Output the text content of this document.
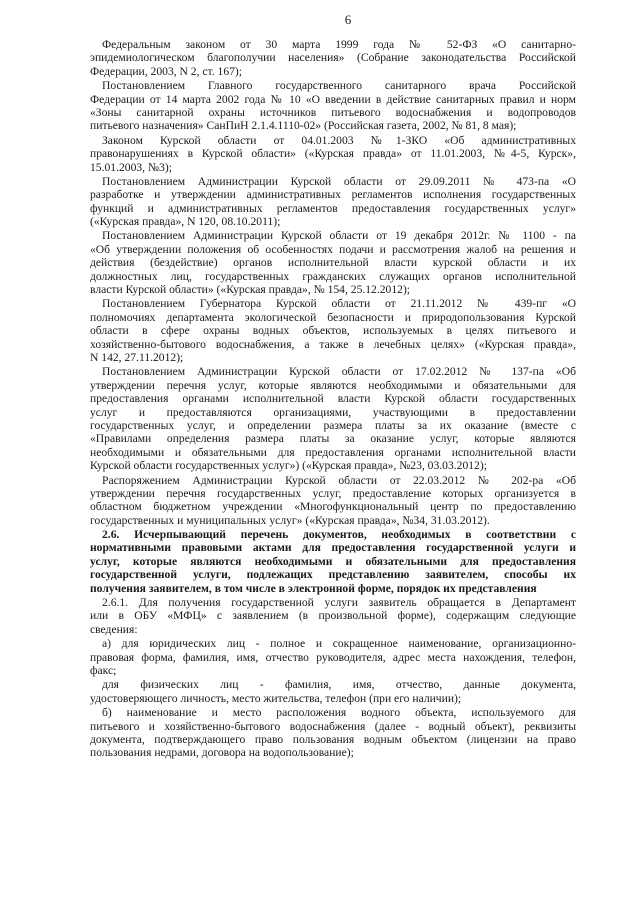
6
Федеральным законом от 30 марта 1999 года № 52-ФЗ «О санитарно-
эпидемиологическом благополучии населения» (Собрание законодательства Российской
Федерации, 2003, N 2, ст. 167);
Постановлением Главного государственного санитарного врача Российской
Федерации от 14 марта 2002 года № 10 «О введении в действие санитарных правил и норм
«Зоны санитарной охраны источников питьевого водоснабжения и водопроводов
питьевого назначения» СанПиН 2.1.4.1110-02» (Российская газета, 2002, № 81, 8 мая);
Законом Курской области от 04.01.2003 №1-ЗКО «Об административных
правонарушениях в Курской области» («Курская правда» от 11.01.2003, №4-5, Курск»,
15.01.2003, №3);
Постановлением Администрации Курской области от 29.09.2011 № 473-па «О
разработке и утверждении административных регламентов исполнения государственных
функций и административных регламентов предоставления государственных услуг»
(«Курская правда», N 120, 08.10.2011);
Постановлением Администрации Курской области от 19 декабря 2012г. № 1100 - па
«Об утверждении положения об особенностях подачи и рассмотрения жалоб на решения и
действия (бездействие) органов исполнительной власти курской области и их
должностных лиц, государственных гражданских служащих органов исполнительной
власти Курской области» («Курская правда», № 154, 25.12.2012);
Постановлением Губернатора Курской области от 21.11.2012 № 439-пг «О
полномочиях департамента экологической безопасности и природопользования Курской
области в сфере охраны водных объектов, используемых в целях питьевого и
хозяйственно-бытового водоснабжения, а также в лечебных целях» («Курская правда»,
N 142, 27.11.2012);
Постановлением Администрации Курской области от 17.02.2012 № 137-па «Об
утверждении перечня услуг, которые являются необходимыми и обязательными для
предоставления органами исполнительной власти Курской области государственных
услуг и предоставляются организациями, участвующими в предоставлении
государственных услуг, и определении размера платы за их оказание (вместе с
«Правилами определения размера платы за оказание услуг, которые являются
необходимыми и обязательными для предоставления органами исполнительной власти
Курской области государственных услуг») («Курская правда», №23, 03.03.2012);
Распоряжением Администрации Курской области от 22.03.2012 № 202-ра «Об
утверждении перечня государственных услуг, предоставление которых организуется в
областном бюджетном учреждении «Многофункциональный центр по предоставлению
государственных и муниципальных услуг» («Курская правда», №34, 31.03.2012).
2.6. Исчерпывающий перечень документов, необходимых в соответствии с
нормативными правовыми актами для предоставления государственной услуги и
услуг, которые являются необходимыми и обязательными для предоставления
государственной услуги, подлежащих представлению заявителем, способы их
получения заявителем, в том числе в электронной форме, порядок их представления
2.6.1. Для получения государственной услуги заявитель обращается в Департамент
или в ОБУ «МФЦ» с заявлением (в произвольной форме), содержащим следующие
сведения:
а) для юридических лиц - полное и сокращенное наименование, организационно-
правовая форма, фамилия, имя, отчество руководителя, адрес места нахождения, телефон,
факс;
для физических лиц - фамилия, имя, отчество, данные документа,
удостоверяющего личность, место жительства, телефон (при его наличии);
б) наименование и место расположения водного объекта, используемого для
питьевого и хозяйственно-бытового водоснабжения (далее - водный объект), реквизиты
документа, подтверждающего право пользования водным объектом (лицензии на право
пользования недрами, договора на водопользование);
